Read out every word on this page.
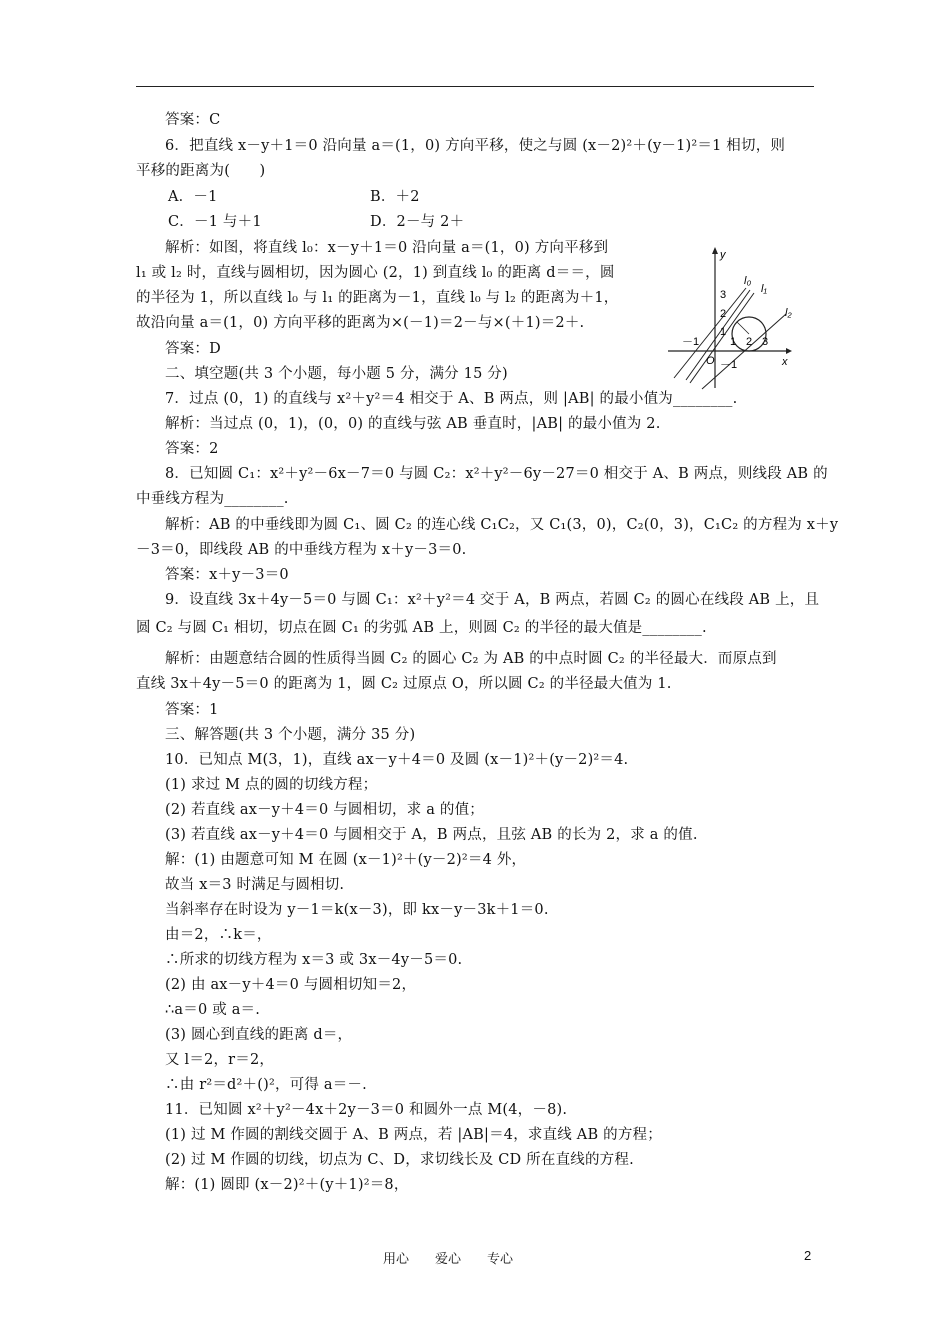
答案：C
6．把直线 x－y＋1＝0 沿向量 a＝(1，0) 方向平移，使之与圆 (x－2)²＋(y－1)²＝1 相切，则
平移的距离为(　　)
A．－1	B．＋2
C．－1 与＋1	D．2－与 2＋
解析：如图，将直线 l₀：x－y＋1＝0 沿向量 a＝(1，0) 方向平移到
l₁ 或 l₂ 时，直线与圆相切，因为圆心 (2，1) 到直线 l₀ 的距离 d＝＝，圆
的半径为 1，所以直线 l₀ 与 l₁ 的距离为－1，直线 l₀ 与 l₂ 的距离为＋1，
故沿向量 a＝(1，0) 方向平移的距离为×(－1)＝2－与×(＋1)＝2＋.
答案：D
二、填空题(共 3 个小题，每小题 5 分，满分 15 分)
7．过点 (0，1) 的直线与 x²＋y²＝4 相交于 A、B 两点，则 |AB| 的最小值为________.
解析：当过点 (0，1)，(0，0) 的直线与弦 AB 垂直时，|AB| 的最小值为 2.
答案：2
8．已知圆 C₁：x²＋y²－6x－7＝0 与圆 C₂：x²＋y²－6y－27＝0 相交于 A、B 两点，则线段 AB 的
中垂线方程为________.
解析：AB 的中垂线即为圆 C₁、圆 C₂ 的连心线 C₁C₂，又 C₁(3，0)，C₂(0，3)，C₁C₂ 的方程为 x＋y
－3＝0，即线段 AB 的中垂线方程为 x＋y－3＝0.
答案：x＋y－3＝0
9．设直线 3x＋4y－5＝0 与圆 C₁：x²＋y²＝4 交于 A，B 两点，若圆 C₂ 的圆心在线段 AB 上，且
圆 C₂ 与圆 C₁ 相切，切点在圆 C₁ 的劣弧 AB 上，则圆 C₂ 的半径的最大值是________.
解析：由题意结合圆的性质得当圆 C₂ 的圆心 C₂ 为 AB 的中点时圆 C₂ 的半径最大．而原点到
直线 3x＋4y－5＝0 的距离为 1，圆 C₂ 过原点 O，所以圆 C₂ 的半径最大值为 1.
答案：1
三、解答题(共 3 个小题，满分 35 分)
10．已知点 M(3，1)，直线 ax－y＋4＝0 及圆 (x－1)²＋(y－2)²＝4.
(1) 求过 M 点的圆的切线方程；
(2) 若直线 ax－y＋4＝0 与圆相切，求 a 的值；
(3) 若直线 ax－y＋4＝0 与圆相交于 A，B 两点，且弦 AB 的长为 2，求 a 的值.
解：(1) 由题意可知 M 在圆 (x－1)²＋(y－2)²＝4 外，
故当 x＝3 时满足与圆相切.
当斜率存在时设为 y－1＝k(x－3)，即 kx－y－3k＋1＝0.
由＝2，∴k＝，
∴所求的切线方程为 x＝3 或 3x－4y－5＝0.
(2) 由 ax－y＋4＝0 与圆相切知＝2，
∴a＝0 或 a＝.
(3) 圆心到直线的距离 d＝，
又 l＝2，r＝2，
∴由 r²＝d²＋()²，可得 a＝－.
11．已知圆 x²＋y²－4x＋2y－3＝0 和圆外一点 M(4，－8).
(1) 过 M 作圆的割线交圆于 A、B 两点，若 |AB|＝4，求直线 AB 的方程；
(2) 过 M 作圆的切线，切点为 C、D，求切线长及 CD 所在直线的方程.
解：(1) 圆即 (x－2)²＋(y＋1)²＝8，
y
x
O
－1	1 2 3
3
2
1
－1
l₀
l₁
l₂
用心　　爱心　　专心	2
